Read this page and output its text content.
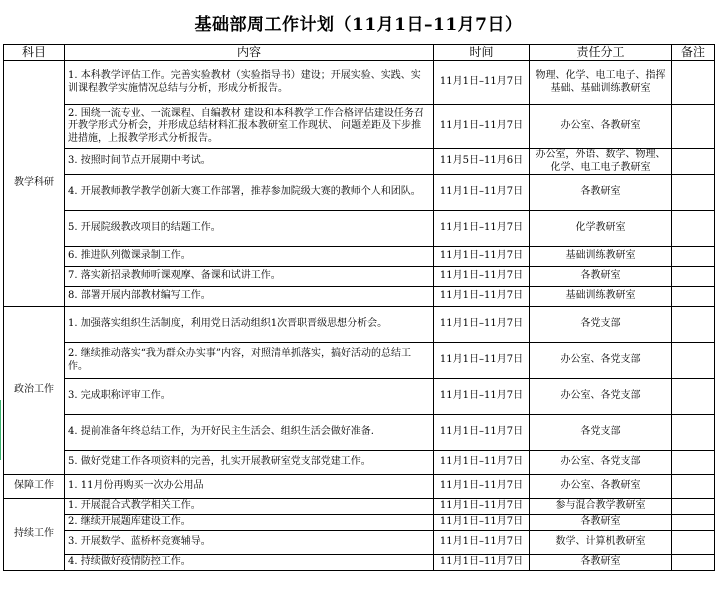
基础部周工作计划（11月1日–11月7日）
科目	内容	时间	责任分工	备注
教学科研	1. 本科教学评估工作。完善实验教材（实验指导书）建设；开展实验、实践、实训课程教学实施情况总结与分析，形成分析报告。	11月1日–11月7日	物理、化学、电工电子、指挥基础、基础训练教研室	
	2. 围绕一流专业、一流课程、自编教材 建设和本科教学工作合格评估建设任务召开教学形式分析会，并形成总结材料汇报本教研室工作现状、 问题差距及下步推进措施，上报教学形式分析报告。	11月1日–11月7日	办公室、各教研室	
	3. 按照时间节点开展期中考试。	11月5日–11月6日	办公室，外语、数学、物理、化学、电工电子教研室	
	4. 开展教师教学教学创新大赛工作部署，推荐参加院级大赛的教师个人和团队。	11月1日–11月7日	各教研室	
	5. 开展院级教改项目的结题工作。	11月1日–11月7日	化学教研室	
	6. 推进队列微课录制工作。	11月1日–11月7日	基础训练教研室	
	7. 落实新招录教师听课观摩、备课和试讲工作。	11月1日–11月7日	各教研室	
	8. 部署开展内部教材编写工作。	11月1日–11月7日	基础训练教研室	
政治工作	1. 加强落实组织生活制度，利用党日活动组织1次晋职晋级思想分析会。	11月1日–11月7日	各党支部	
	2. 继续推动落实“我为群众办实事”内容，对照清单抓落实，搞好活动的总结工作。	11月1日–11月7日	办公室、各党支部	
	3. 完成职称评审工作。	11月1日–11月7日	办公室、各党支部	
	4. 提前准备年终总结工作，为开好民主生活会、组织生活会做好准备.	11月1日–11月7日	各党支部	
	5. 做好党建工作各项资料的完善，扎实开展教研室党支部党建工作。	11月1日–11月7日	办公室、各党支部	
保障工作	1. 11月份再购买一次办公用品	11月1日–11月7日	办公室、各教研室	
持续工作	1. 开展混合式教学相关工作。	11月1日–11月7日	参与混合教学教研室	
	2. 继续开展题库建设工作。	11月1日–11月7日	各教研室	
	3. 开展数学、蓝桥杯竞赛辅导。	11月1日–11月7日	数学、计算机教研室	
	4. 持续做好疫情防控工作。	11月1日–11月7日	各教研室	
